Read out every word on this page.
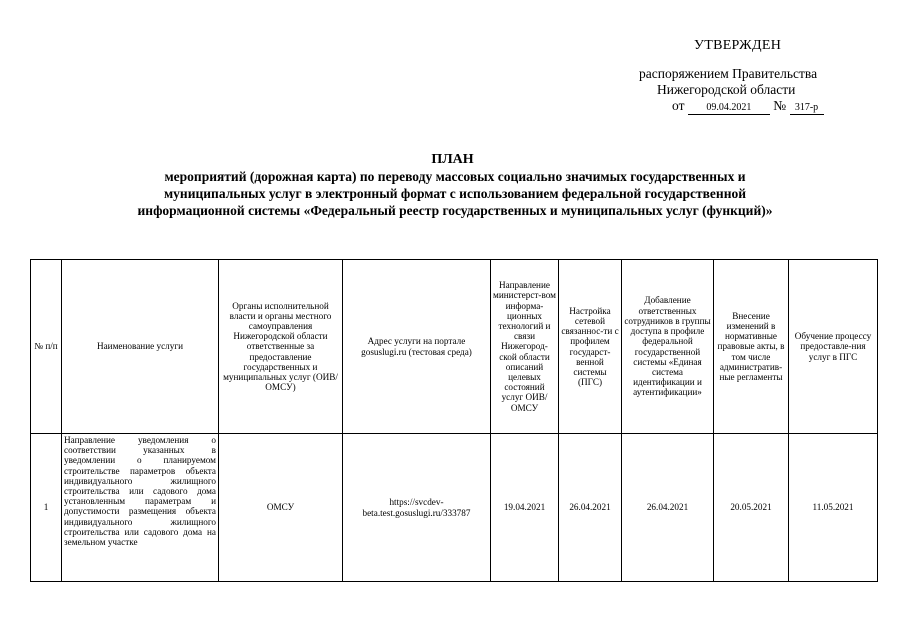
УТВЕРЖДЕН
распоряжением Правительства
Нижегородской области
от 09.04.2021 № 317-р
ПЛАН
мероприятий (дорожная карта) по переводу массовых социально значимых государственных и муниципальных услуг в электронный формат с использованием федеральной государственной информационной системы «Федеральный реестр государственных и муниципальных услуг (функций)»
№ п/п	Наименование услуги	Органы исполнительной власти и органы местного самоуправления Нижегородской области ответственные за предоставление государственных и муниципальных услуг (ОИВ/ОМСУ)	Адрес услуги на портале gosuslugi.ru (тестовая среда)	Направление министерст-вом информа-ционных технологий и связи Нижегород-ской области описаний целевых состояний услуг ОИВ/ОМСУ	Настройка сетевой связаннос-ти с профилем государст-венной системы (ПГС)	Добавление ответственных сотрудников в группы доступа в профиле федеральной государственной системы «Единая система идентификации и аутентификации»	Внесение изменений в нормативные правовые акты, в том числе административ-ные регламенты	Обучение процессу предоставле-ния услуг в ПГС
1	Направление уведомления о соответствии указанных в уведомлении о планируемом строительстве параметров объекта индивидуального жилищного строительства или садового дома установленным параметрам и допустимости размещения объекта индивидуального жилищного строительства или садового дома на земельном участке	ОМСУ	https://svcdev-beta.test.gosuslugi.ru/333787	19.04.2021	26.04.2021	26.04.2021	20.05.2021	11.05.2021
